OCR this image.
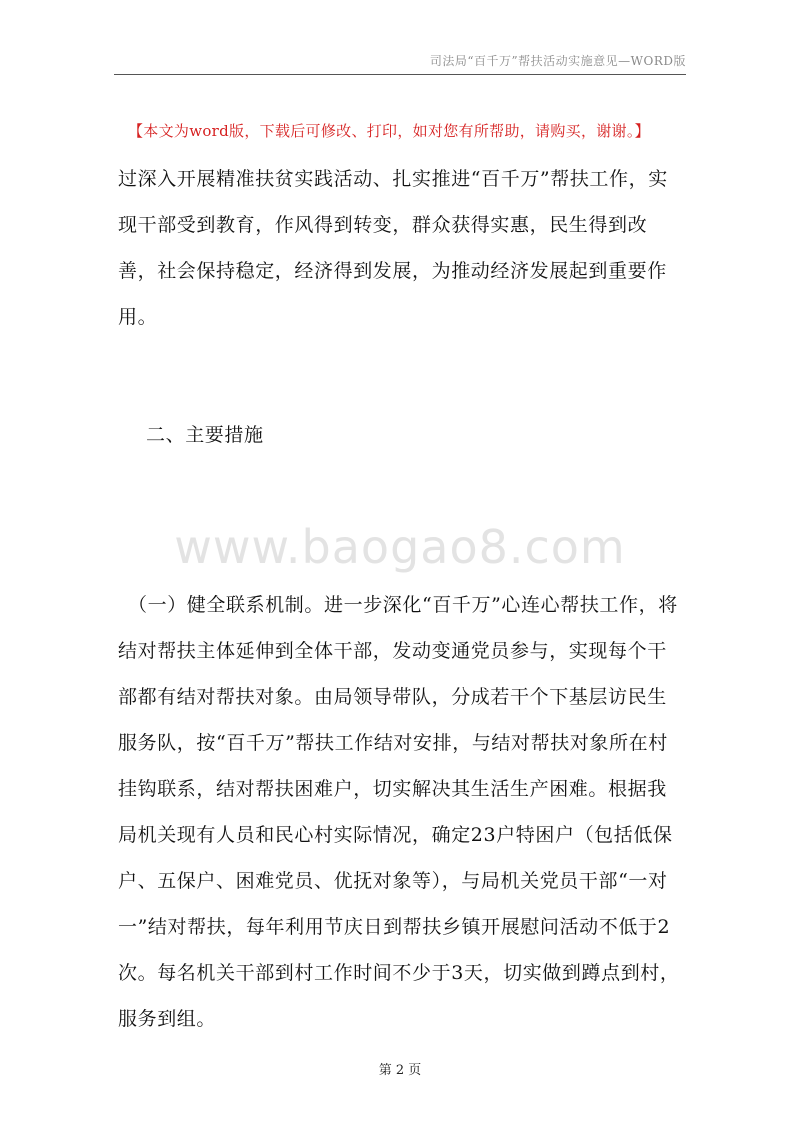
司法局“百千万”帮扶活动实施意见—WORD版
【本文为word版，下载后可修改、打印，如对您有所帮助，请购买，谢谢。】

过深入开展精准扶贫实践活动、扎实推进“百千万”帮扶工作，实现干部受到教育，作风得到转变，群众获得实惠，民生得到改善，社会保持稳定，经济得到发展，为推动经济发展起到重要作用。

二、主要措施

www.baogao8.com

（一）健全联系机制。进一步深化“百千万”心连心帮扶工作，将结对帮扶主体延伸到全体干部，发动变通党员参与，实现每个干部都有结对帮扶对象。由局领导带队，分成若干个下基层访民生服务队，按“百千万”帮扶工作结对安排，与结对帮扶对象所在村挂钩联系，结对帮扶困难户，切实解决其生活生产困难。根据我局机关现有人员和民心村实际情况，确定23户特困户（包括低保户、五保户、困难党员、优抚对象等），与局机关党员干部“一对一”结对帮扶，每年利用节庆日到帮扶乡镇开展慰问活动不低于2次。每名机关干部到村工作时间不少于3天，切实做到蹲点到村，服务到组。

第 2 页
